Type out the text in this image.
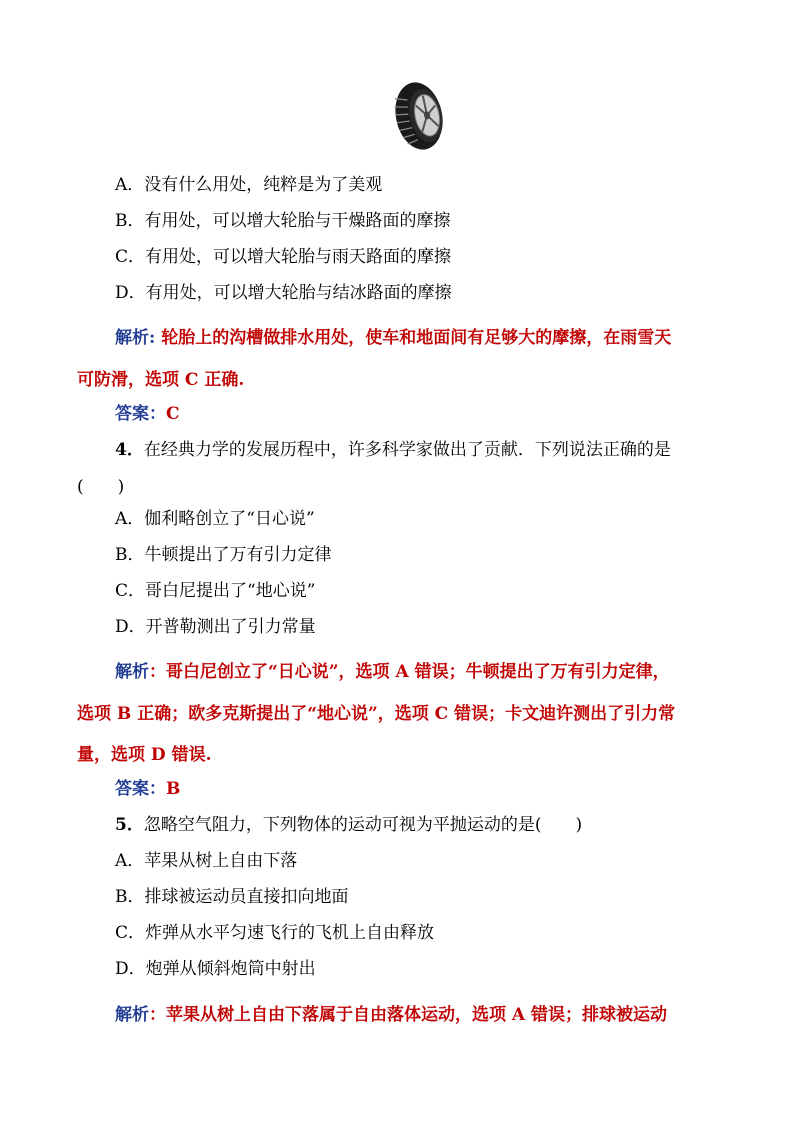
A．没有什么用处，纯粹是为了美观
B．有用处，可以增大轮胎与干燥路面的摩擦
C．有用处，可以增大轮胎与雨天路面的摩擦
D．有用处，可以增大轮胎与结冰路面的摩擦
解析: 轮胎上的沟槽做排水用处，使车和地面间有足够大的摩擦，在雨雪天
可防滑，选项 C 正确.
答案：C
4．在经典力学的发展历程中，许多科学家做出了贡献．下列说法正确的是
(　　)
A．伽利略创立了“日心说”
B．牛顿提出了万有引力定律
C．哥白尼提出了“地心说”
D．开普勒测出了引力常量
解析：哥白尼创立了“日心说”，选项 A 错误；牛顿提出了万有引力定律，
选项 B 正确；欧多克斯提出了“地心说”，选项 C 错误；卡文迪许测出了引力常
量，选项 D 错误.
答案：B
5．忽略空气阻力，下列物体的运动可视为平抛运动的是(　　)
A．苹果从树上自由下落
B．排球被运动员直接扣向地面
C．炸弹从水平匀速飞行的飞机上自由释放
D．炮弹从倾斜炮筒中射出
解析：苹果从树上自由下落属于自由落体运动，选项 A 错误；排球被运动
